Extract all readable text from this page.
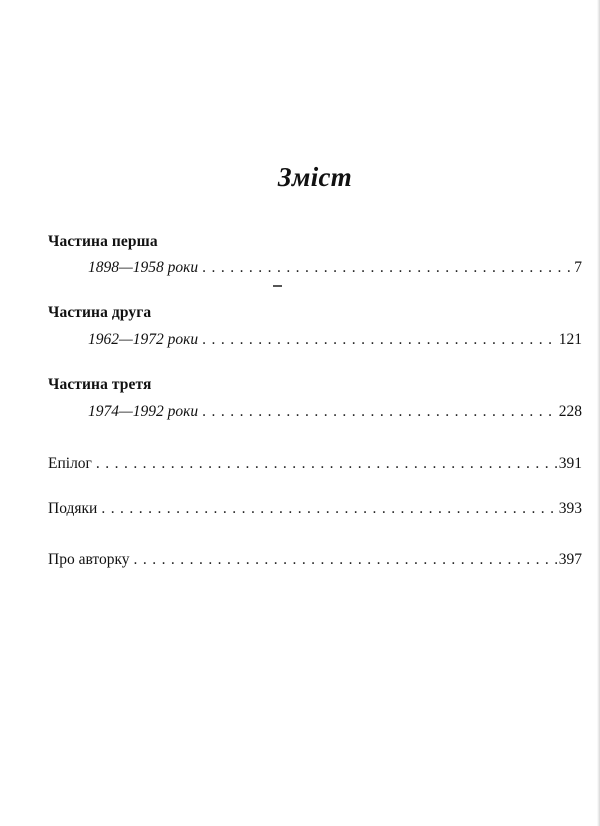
Зміст
Частина перша
1898—1958 роки . . .	7
Частина друга
1962—1972 роки . . .	121
Частина третя
1974—1992 роки . . .	228
Епілог . . .	391
Подяки . . .	393
Про авторку . . .	397
